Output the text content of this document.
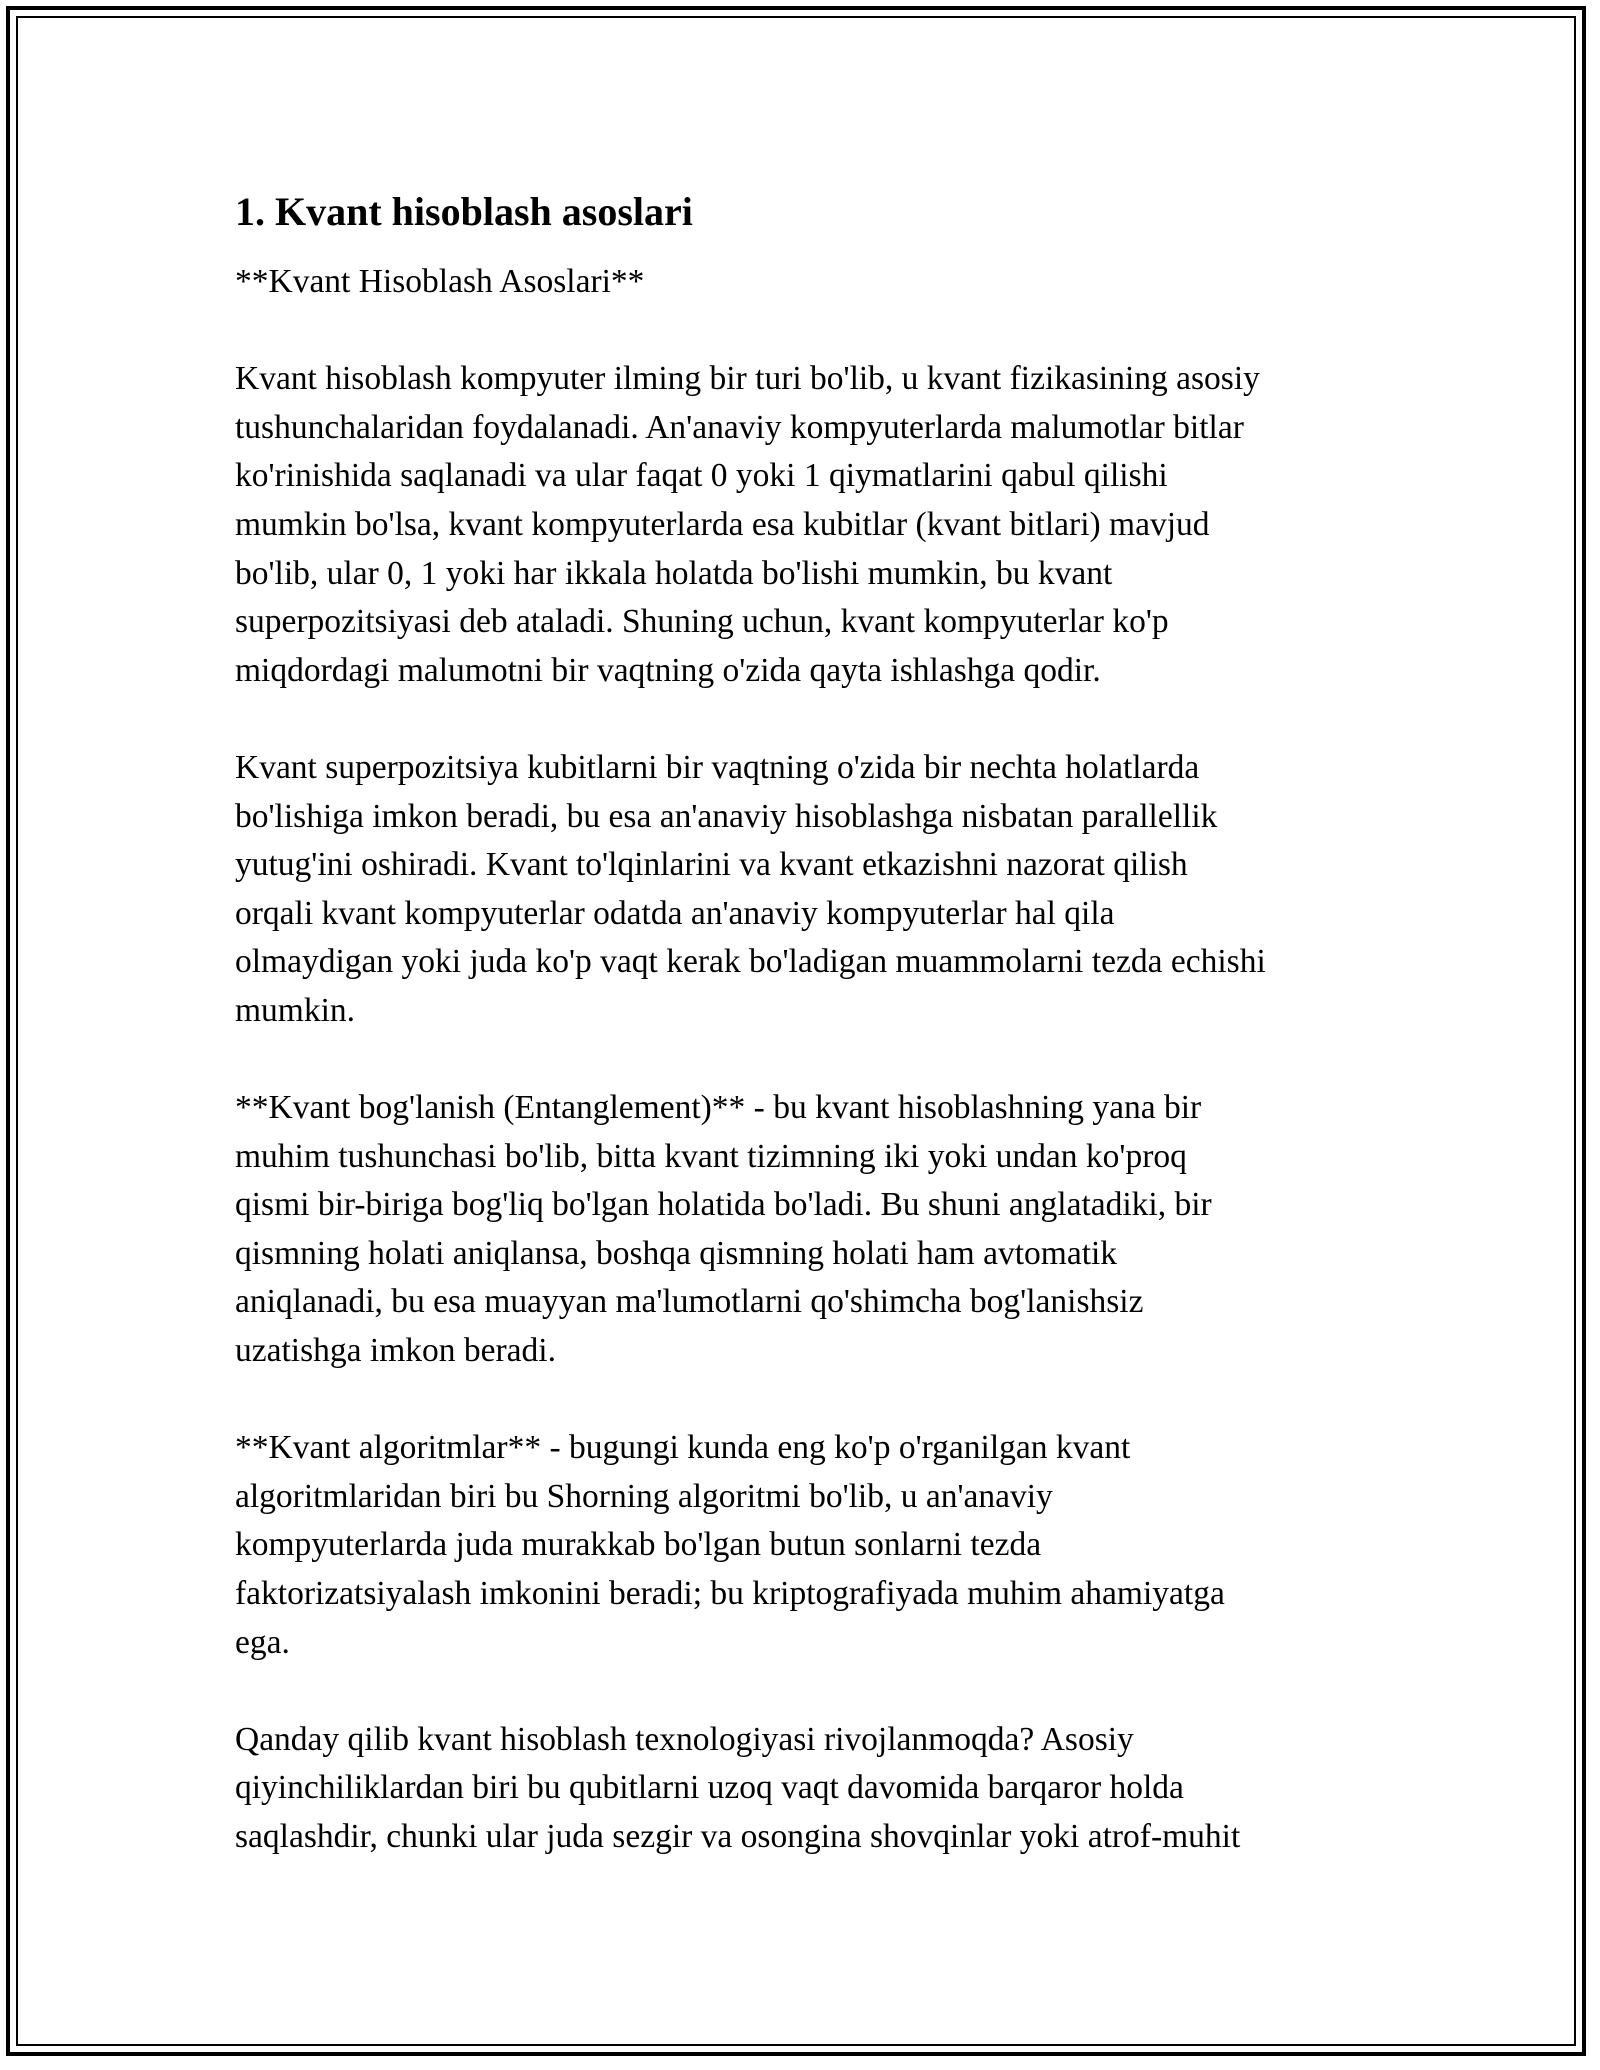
1. Kvant hisoblash asoslari

**Kvant Hisoblash Asoslari**

Kvant hisoblash kompyuter ilming bir turi bo'lib, u kvant fizikasining asosiy
tushunchalaridan foydalanadi. An'anaviy kompyuterlarda malumotlar bitlar
ko'rinishida saqlanadi va ular faqat 0 yoki 1 qiymatlarini qabul qilishi
mumkin bo'lsa, kvant kompyuterlarda esa kubitlar (kvant bitlari) mavjud
bo'lib, ular 0, 1 yoki har ikkala holatda bo'lishi mumkin, bu kvant
superpozitsiyasi deb ataladi. Shuning uchun, kvant kompyuterlar ko'p
miqdordagi malumotni bir vaqtning o'zida qayta ishlashga qodir.

Kvant superpozitsiya kubitlarni bir vaqtning o'zida bir nechta holatlarda
bo'lishiga imkon beradi, bu esa an'anaviy hisoblashga nisbatan parallellik
yutug'ini oshiradi. Kvant to'lqinlarini va kvant etkazishni nazorat qilish
orqali kvant kompyuterlar odatda an'anaviy kompyuterlar hal qila
olmaydigan yoki juda ko'p vaqt kerak bo'ladigan muammolarni tezda echishi
mumkin.

**Kvant bog'lanish (Entanglement)** - bu kvant hisoblashning yana bir
muhim tushunchasi bo'lib, bitta kvant tizimning iki yoki undan ko'proq
qismi bir-biriga bog'liq bo'lgan holatida bo'ladi. Bu shuni anglatadiki, bir
qismning holati aniqlansa, boshqa qismning holati ham avtomatik
aniqlanadi, bu esa muayyan ma'lumotlarni qo'shimcha bog'lanishsiz
uzatishga imkon beradi.

**Kvant algoritmlar** - bugungi kunda eng ko'p o'rganilgan kvant
algoritmlaridan biri bu Shorning algoritmi bo'lib, u an'anaviy
kompyuterlarda juda murakkab bo'lgan butun sonlarni tezda
faktorizatsiyalash imkonini beradi; bu kriptografiyada muhim ahamiyatga
ega.

Qanday qilib kvant hisoblash texnologiyasi rivojlanmoqda? Asosiy
qiyinchiliklardan biri bu qubitlarni uzoq vaqt davomida barqaror holda
saqlashdir, chunki ular juda sezgir va osongina shovqinlar yoki atrof-muhit
